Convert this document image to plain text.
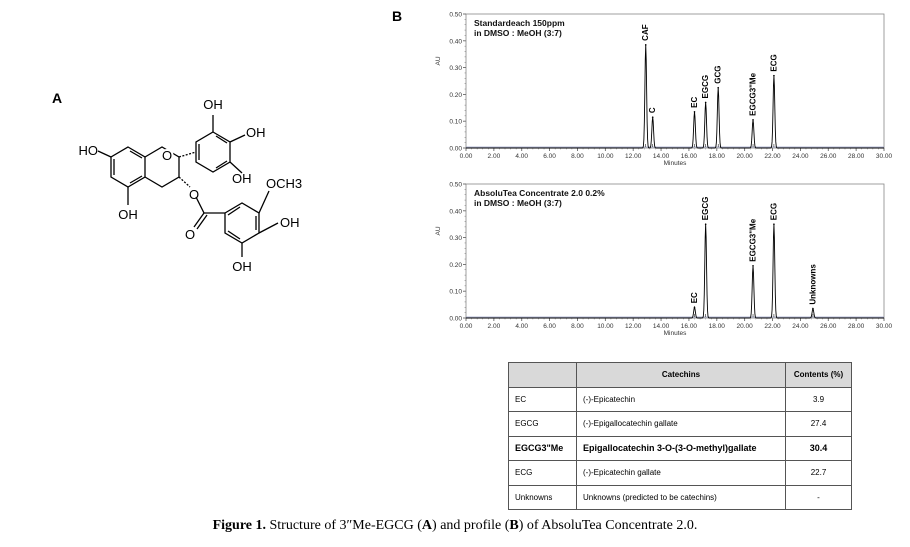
A
B
OH
OH
HO	O
OH
OH
OCH3
OH
OH
O
O
0.00
0.10
0.20
0.30
0.40
0.50
0.00 2.00 4.00 6.00 8.00 10.00 12.00 14.00 16.00 18.00 20.00 22.00 24.00 26.00 28.00 30.00
Minutes
AU
Standardeach 150ppm
in DMSO : MeOH (3:7)	CAF
C
EC
EGCG
GCG	EGCG3"Me
ECG
0.00
0.10
0.20
0.30
0.40
0.50
0.00 2.00 4.00 6.00 8.00 10.00 12.00 14.00 16.00 18.00 20.00 22.00 24.00 26.00 28.00 30.00
Minutes
AU
AbsoluTea Concentrate 2.0 0.2%
in DMSO : MeOH (3:7)
EC
EGCG
EGCG3"Me
ECG
Unknowns
	Catechins	Contents (%)
EC	(-)-Epicatechin	3.9
EGCG	(-)-Epigallocatechin gallate	27.4
EGCG3"Me	Epigallocatechin 3-O-(3-O-methyl)gallate	30.4
ECG	(-)-Epicatechin gallate	22.7
Unknowns	Unknowns (predicted to be catechins)	-
Figure 1. Structure of 3″Me-EGCG (A) and profile (B) of AbsoluTea Concentrate 2.0.
